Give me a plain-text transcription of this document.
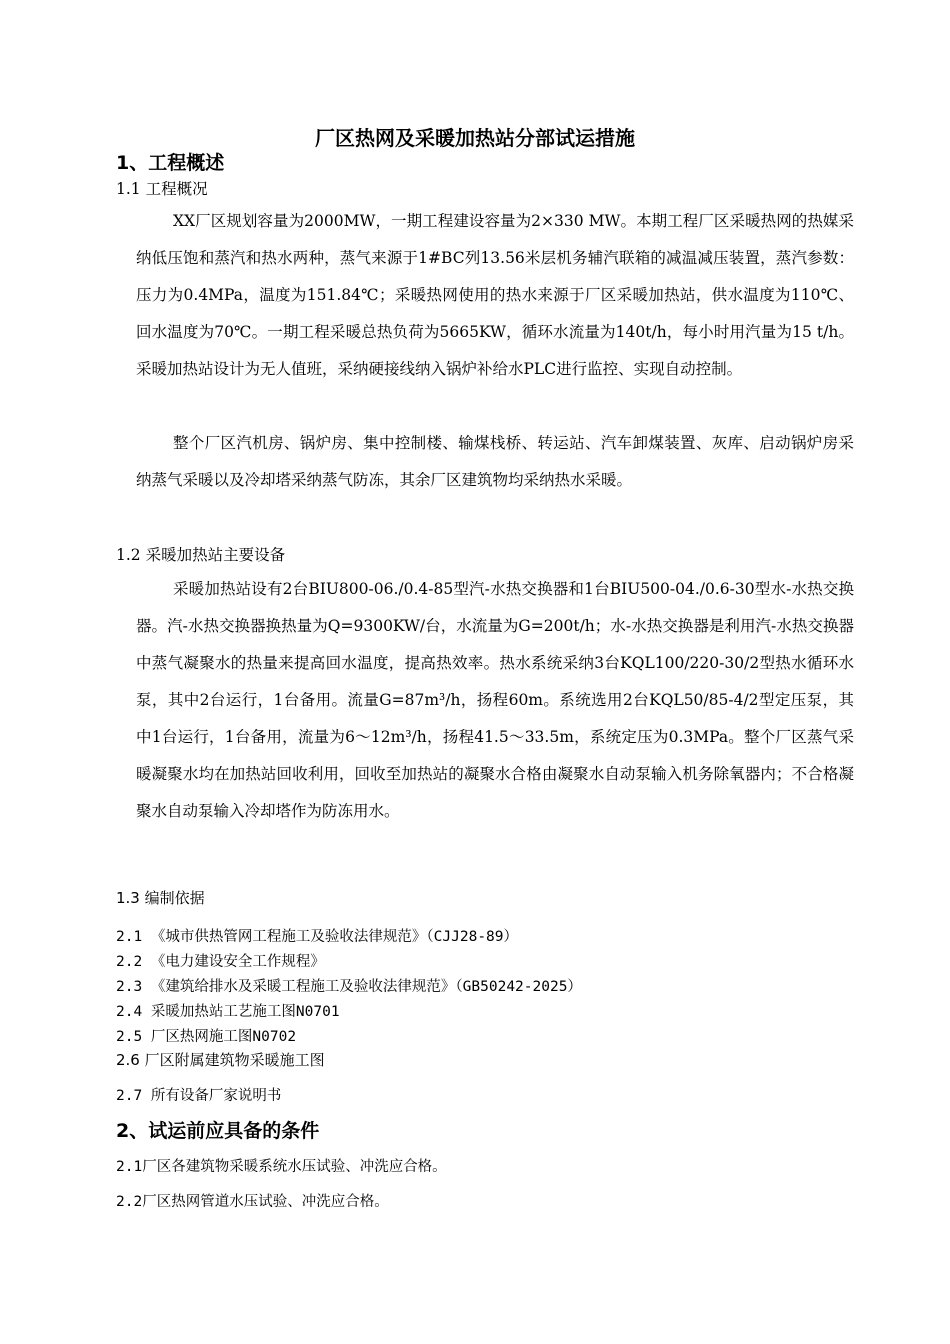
厂区热网及采暖加热站分部试运措施
1、工程概述
1.1 工程概况

XX厂区规划容量为2000MW，一期工程建设容量为2×330 MW。本期工程厂区采暖热网的热媒采纳低压饱和蒸汽和热水两种，蒸气来源于1#BC列13.56米层机务辅汽联箱的减温减压装置，蒸汽参数：压力为0.4MPa，温度为151.84℃；采暖热网使用的热水来源于厂区采暖加热站，供水温度为110℃、回水温度为70℃。一期工程采暖总热负荷为5665KW，循环水流量为140t/h，每小时用汽量为15 t/h。采暖加热站设计为无人值班，采纳硬接线纳入锅炉补给水PLC进行监控、实现自动控制。

整个厂区汽机房、锅炉房、集中控制楼、输煤栈桥、转运站、汽车卸煤装置、灰库、启动锅炉房采纳蒸气采暖以及冷却塔采纳蒸气防冻，其余厂区建筑物均采纳热水采暖。

1.2 采暖加热站主要设备

采暖加热站设有2台BIU800-06./0.4-85型汽-水热交换器和1台BIU500-04./0.6-30型水-水热交换器。汽-水热交换器换热量为Q=9300KW/台，水流量为G=200t/h；水-水热交换器是利用汽-水热交换器中蒸气凝聚水的热量来提高回水温度，提高热效率。热水系统采纳3台KQL100/220-30/2型热水循环水泵，其中2台运行，1台备用。流量G=87m³/h，扬程60m。系统选用2台KQL50/85-4/2型定压泵，其中1台运行，1台备用，流量为6～12m³/h，扬程41.5～33.5m，系统定压为0.3MPa。整个厂区蒸气采暖凝聚水均在加热站回收利用，回收至加热站的凝聚水合格由凝聚水自动泵输入机务除氧器内；不合格凝聚水自动泵输入冷却塔作为防冻用水。

1.3 编制依据
2.1 《城市供热管网工程施工及验收法律规范》（CJJ28-89）
2.2 《电力建设安全工作规程》
2.3 《建筑给排水及采暖工程施工及验收法律规范》（GB50242-2025）
2.4 采暖加热站工艺施工图N0701
2.5 厂区热网施工图N0702
2.6 厂区附属建筑物采暖施工图
2.7 所有设备厂家说明书
2、试运前应具备的条件
2.1厂区各建筑物采暖系统水压试验、冲洗应合格。
2.2厂区热网管道水压试验、冲洗应合格。
